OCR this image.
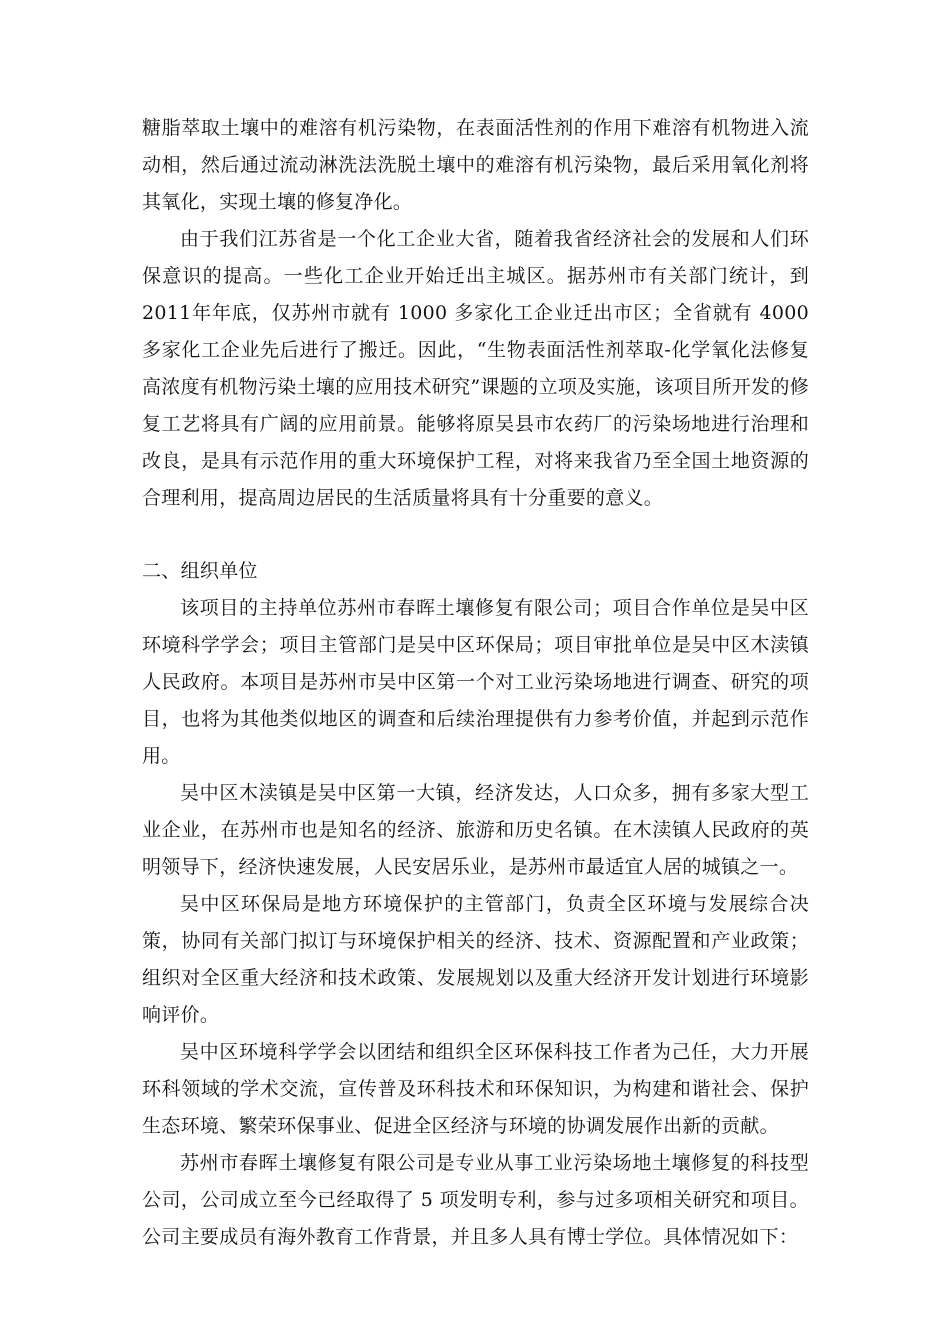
糖脂萃取土壤中的难溶有机污染物，在表面活性剂的作用下难溶有机物进入流动相，然后通过流动淋洗法洗脱土壤中的难溶有机污染物，最后采用氧化剂将其氧化，实现土壤的修复净化。

由于我们江苏省是一个化工企业大省，随着我省经济社会的发展和人们环保意识的提高。一些化工企业开始迁出主城区。据苏州市有关部门统计，到 2011年年底，仅苏州市就有 1000 多家化工企业迁出市区；全省就有 4000 多家化工企业先后进行了搬迁。因此，“生物表面活性剂萃取-化学氧化法修复高浓度有机物污染土壤的应用技术研究”课题的立项及实施，该项目所开发的修复工艺将具有广阔的应用前景。能够将原吴县市农药厂的污染场地进行治理和改良，是具有示范作用的重大环境保护工程，对将来我省乃至全国土地资源的合理利用，提高周边居民的生活质量将具有十分重要的意义。

二、组织单位

该项目的主持单位苏州市春晖土壤修复有限公司；项目合作单位是吴中区环境科学学会；项目主管部门是吴中区环保局；项目审批单位是吴中区木渎镇人民政府。本项目是苏州市吴中区第一个对工业污染场地进行调查、研究的项目，也将为其他类似地区的调查和后续治理提供有力参考价值，并起到示范作用。

吴中区木渎镇是吴中区第一大镇，经济发达，人口众多，拥有多家大型工业企业，在苏州市也是知名的经济、旅游和历史名镇。在木渎镇人民政府的英明领导下，经济快速发展，人民安居乐业，是苏州市最适宜人居的城镇之一。

吴中区环保局是地方环境保护的主管部门，负责全区环境与发展综合决策，协同有关部门拟订与环境保护相关的经济、技术、资源配置和产业政策；组织对全区重大经济和技术政策、发展规划以及重大经济开发计划进行环境影响评价。

吴中区环境科学学会以团结和组织全区环保科技工作者为己任，大力开展环科领域的学术交流，宣传普及环科技术和环保知识，为构建和谐社会、保护生态环境、繁荣环保事业、促进全区经济与环境的协调发展作出新的贡献。

苏州市春晖土壤修复有限公司是专业从事工业污染场地土壤修复的科技型公司，公司成立至今已经取得了 5 项发明专利，参与过多项相关研究和项目。公司主要成员有海外教育工作背景，并且多人具有博士学位。具体情况如下：
